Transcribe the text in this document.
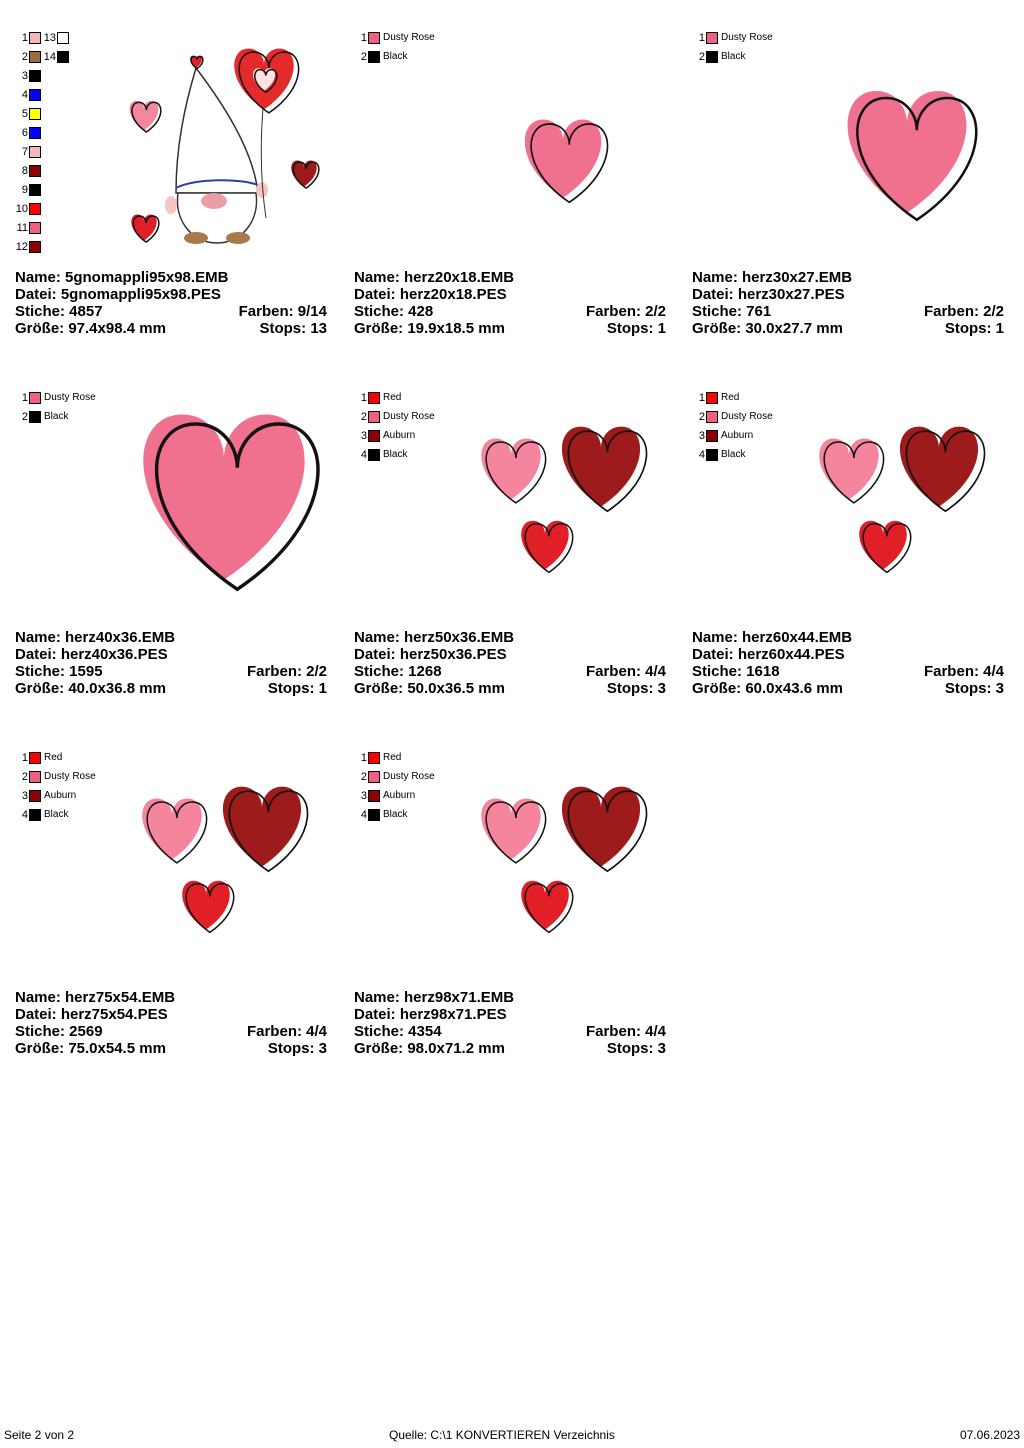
1
2
3
4
5
6
7
8
9
10
11
12
13
14
Name: 5gnomappli95x98.EMB
Datei: 5gnomappli95x98.PES
Stiche: 4857	Farben: 9/14
Größe: 97.4x98.4 mm	Stops: 13
1 Dusty Rose
2 Black
Name: herz20x18.EMB
Datei: herz20x18.PES
Stiche: 428	Farben: 2/2
Größe: 19.9x18.5 mm	Stops: 1
1 Dusty Rose
2 Black
Name: herz30x27.EMB
Datei: herz30x27.PES
Stiche: 761	Farben: 2/2
Größe: 30.0x27.7 mm	Stops: 1
1 Dusty Rose
2 Black
Name: herz40x36.EMB
Datei: herz40x36.PES
Stiche: 1595	Farben: 2/2
Größe: 40.0x36.8 mm	Stops: 1
1 Red
2 Dusty Rose
3 Auburn
4 Black
Name: herz50x36.EMB
Datei: herz50x36.PES
Stiche: 1268	Farben: 4/4
Größe: 50.0x36.5 mm	Stops: 3
1 Red
2 Dusty Rose
3 Auburn
4 Black
Name: herz60x44.EMB
Datei: herz60x44.PES
Stiche: 1618	Farben: 4/4
Größe: 60.0x43.6 mm	Stops: 3
1 Red
2 Dusty Rose
3 Auburn
4 Black
Name: herz75x54.EMB
Datei: herz75x54.PES
Stiche: 2569	Farben: 4/4
Größe: 75.0x54.5 mm	Stops: 3
1 Red
2 Dusty Rose
3 Auburn
4 Black
Name: herz98x71.EMB
Datei: herz98x71.PES
Stiche: 4354	Farben: 4/4
Größe: 98.0x71.2 mm	Stops: 3
Seite 2 von 2	Quelle: C:\1 KONVERTIEREN Verzeichnis	07.06.2023
